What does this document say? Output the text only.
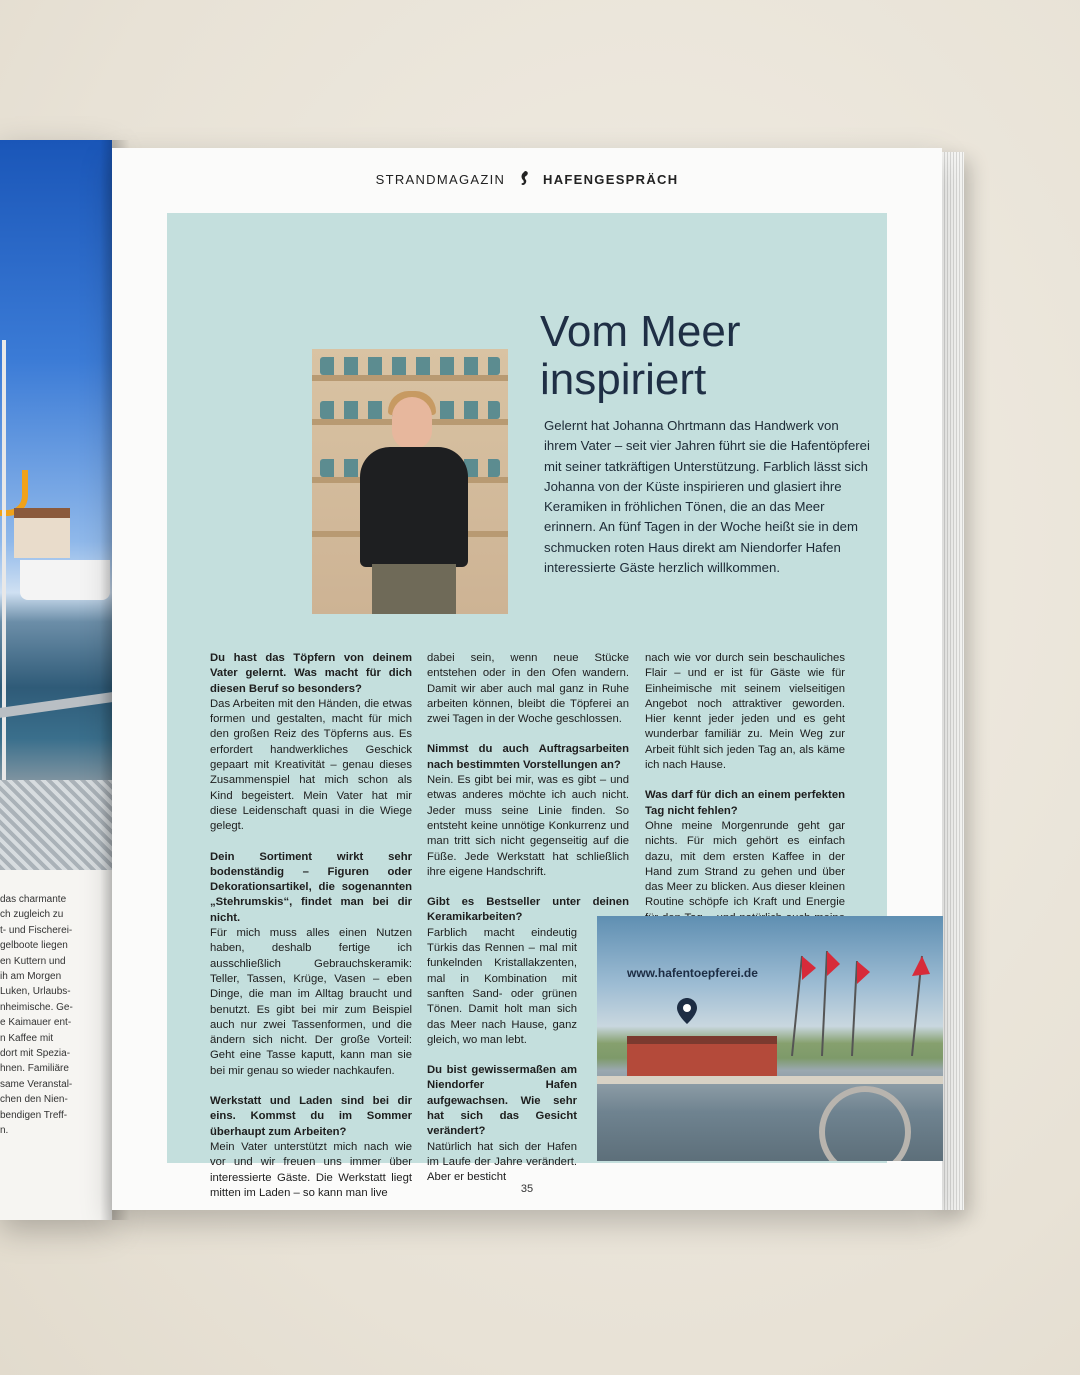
das charmante
ch zugleich zu
t- und Fischerei-
gelboote liegen
en Kuttern und
ih am Morgen
Luken, Urlaubs-
nheimische. Ge-
e Kaimauer ent-
n Kaffee mit
dort mit Spezia-
hnen. Familiäre
same Veranstal-
chen den Nien-
bendigen Treff-
n.
STRANDMAGAZIN	HAFENGESPRÄCH
Vom Meer
inspiriert
Gelernt hat Johanna Ohrtmann das Handwerk von ihrem Vater – seit vier Jahren führt sie die Hafentöpferei mit seiner tatkräftigen Unterstützung. Farblich lässt sich Johanna von der Küste inspirieren und glasiert ihre Keramiken in fröhlichen Tönen, die an das Meer erinnern. An fünf Tagen in der Woche heißt sie in dem schmucken roten Haus direkt am Niendorfer Hafen interessierte Gäste herzlich willkommen.

Du hast das Töpfern von deinem Vater gelernt. Was macht für dich diesen Beruf so besonders?
Das Arbeiten mit den Händen, die etwas formen und gestalten, macht für mich den großen Reiz des Töpferns aus. Es erfordert handwerkliches Geschick gepaart mit Kreativität – genau dieses Zusammenspiel hat mich schon als Kind begeistert. Mein Vater hat mir diese Leidenschaft quasi in die Wiege gelegt.

Dein Sortiment wirkt sehr bodenständig – Figuren oder Dekorationsartikel, die sogenannten „Stehrumskis“, findet man bei dir nicht.
Für mich muss alles einen Nutzen haben, deshalb fertige ich ausschließlich Gebrauchskeramik: Teller, Tassen, Krüge, Vasen – eben Dinge, die man im Alltag braucht und benutzt. Es gibt bei mir zum Beispiel auch nur zwei Tassenformen, und die ändern sich nicht. Der große Vorteil: Geht eine Tasse kaputt, kann man sie bei mir genau so wieder nachkaufen.

Werkstatt und Laden sind bei dir eins. Kommst du im Sommer überhaupt zum Arbeiten?
Mein Vater unterstützt mich nach wie vor und wir freuen uns immer über interessierte Gäste. Die Werkstatt liegt mitten im Laden – so kann man live

dabei sein, wenn neue Stücke entstehen oder in den Ofen wandern. Damit wir aber auch mal ganz in Ruhe arbeiten können, bleibt die Töpferei an zwei Tagen in der Woche geschlossen.

Nimmst du auch Auftragsarbeiten nach bestimmten Vorstellungen an?
Nein. Es gibt bei mir, was es gibt – und etwas anderes möchte ich auch nicht. Jeder muss seine Linie finden. So entsteht keine unnötige Konkurrenz und man tritt sich nicht gegenseitig auf die Füße. Jede Werkstatt hat schließlich ihre eigene Handschrift.

Gibt es Bestseller unter deinen Keramikarbeiten?
Farblich macht eindeutig Türkis das Rennen – mal mit funkelnden Kristallakzenten, mal in Kombination mit sanften Sand- oder grünen Tönen. Damit holt man sich das Meer nach Hause, ganz gleich, wo man lebt.

Du bist gewissermaßen am Niendorfer Hafen aufgewachsen. Wie sehr hat sich das Gesicht verändert?
Natürlich hat sich der Hafen im Laufe der Jahre verändert. Aber er besticht

nach wie vor durch sein beschauliches Flair – und er ist für Gäste wie für Einheimische mit seinem vielseitigen Angebot noch attraktiver geworden. Hier kennt jeder jeden und es geht wunderbar familiär zu. Mein Weg zur Arbeit fühlt sich jeden Tag an, als käme ich nach Hause.

Was darf für dich an einem perfekten Tag nicht fehlen?
Ohne meine Morgenrunde geht gar nichts. Für mich gehört es einfach dazu, mit dem ersten Kaffee in der Hand zum Strand zu gehen und über das Meer zu blicken. Aus dieser kleinen Routine schöpfe ich Kraft und Energie

www.hafentoepferei.de
35
